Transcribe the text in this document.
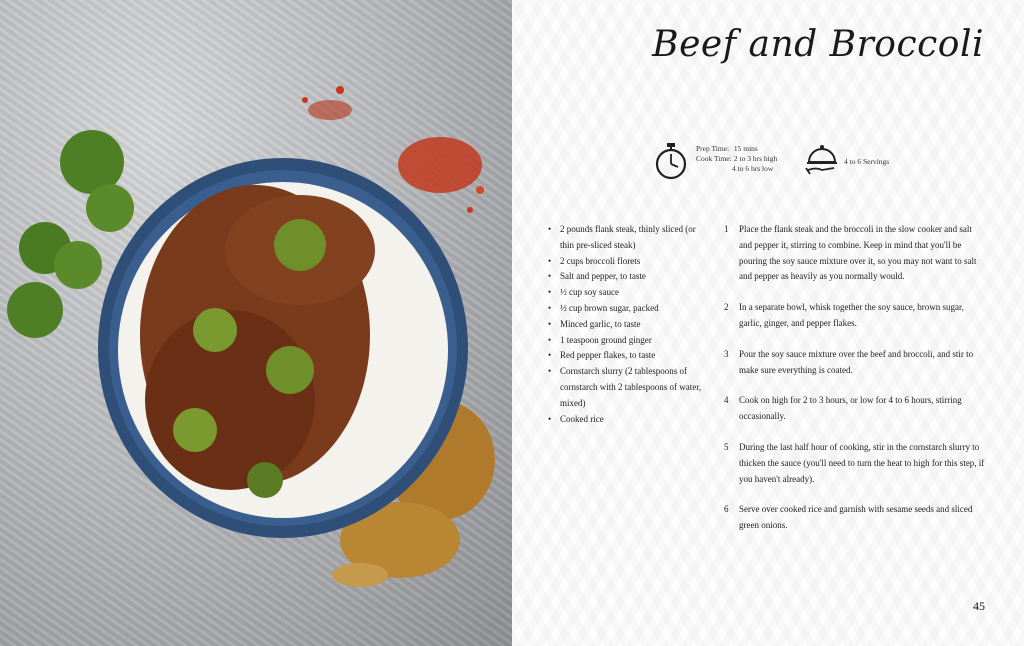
Beef and Broccoli
Prep Time: 15 mins
Cook Time: 2 to 3 hrs high
4 to 6 hrs low
4 to 6 Servings
• 2 pounds flank steak, thinly sliced (or thin pre-sliced steak)
• 2 cups broccoli florets
• Salt and pepper, to taste
• ½ cup soy sauce
• ½ cup brown sugar, packed
• Minced garlic, to taste
• 1 teaspoon ground ginger
• Red pepper flakes, to taste
• Cornstarch slurry (2 tablespoons of cornstarch with 2 tablespoons of water, mixed)
• Cooked rice
1 Place the flank steak and the broccoli in the slow cooker and salt and pepper it, stirring to combine. Keep in mind that you'll be pouring the soy sauce mixture over it, so you may not want to salt and pepper as heavily as you normally would.
2 In a separate bowl, whisk together the soy sauce, brown sugar, garlic, ginger, and pepper flakes.
3 Pour the soy sauce mixture over the beef and broccoli, and stir to make sure everything is coated.
4 Cook on high for 2 to 3 hours, or low for 4 to 6 hours, stirring occasionally.
5 During the last half hour of cooking, stir in the cornstarch slurry to thicken the sauce (you'll need to turn the heat to high for this step, if you haven't already).
6 Serve over cooked rice and garnish with sesame seeds and sliced green onions.
45
